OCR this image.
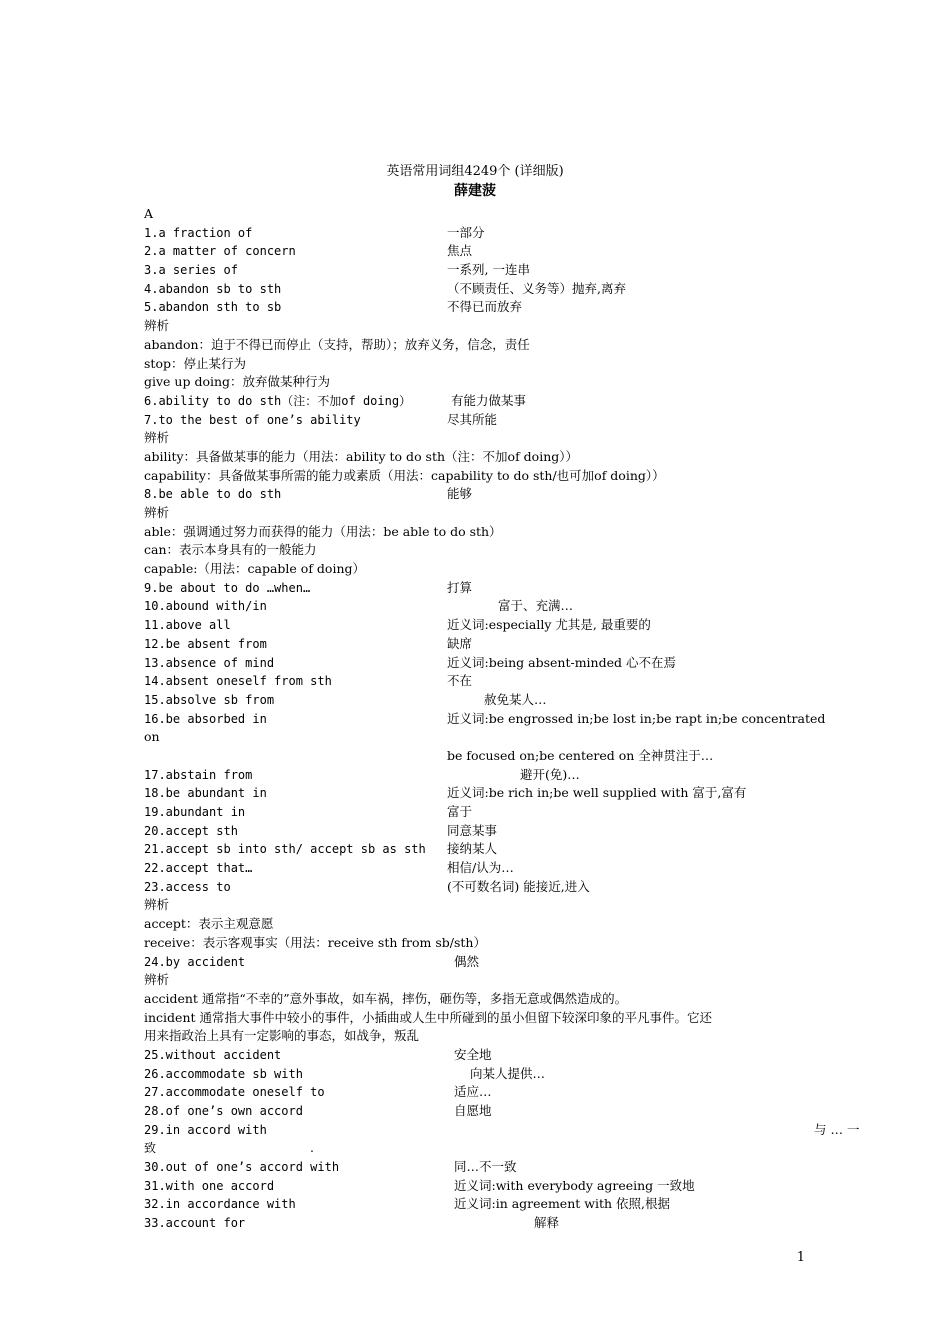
英语常用词组4249个 (详细版)
薛建菠
A
1.a fraction of	一部分
2.a matter of concern	焦点
3.a series of	一系列, 一连串
4.abandon sb to sth	（不顾责任、义务等）抛弃,离弃
5.abandon sth to sb	不得已而放弃
辨析
abandon：迫于不得已而停止（支持，帮助）；放弃义务，信念，责任
stop：停止某行为
give up doing：放弃做某种行为
6.ability to do sth（注：不加of doing）	有能力做某事
7.to the best of one’s ability	尽其所能
辨析
ability：具备做某事的能力（用法：ability to do sth（注：不加of doing））
capability：具备做某事所需的能力或素质（用法：capability to do sth/也可加of doing））
8.be able to do sth	能够
辨析
able：强调通过努力而获得的能力（用法：be able to do sth）
can：表示本身具有的一般能力
capable:（用法：capable of doing）
9.be about to do …when…	打算
10.abound with/in	富于、充满…
11.above all	近义词:especially 尤其是, 最重要的
12.be absent from	缺席
13.absence of mind	近义词:being absent-minded 心不在焉
14.absent oneself from sth	不在
15.absolve sb from	赦免某人…
16.be absorbed in	近义词:be engrossed in;be lost in;be rapt in;be concentrated
on
be focused on;be centered on 全神贯注于…
17.abstain from	避开(免)…
18.be abundant in	近义词:be rich in;be well supplied with 富于,富有
19.abundant in	富于
20.accept sth	同意某事
21.accept sb into sth/ accept sb as sth 接纳某人
22.accept that…	相信/认为…
23.access to	(不可数名词) 能接近,进入
辨析
accept：表示主观意愿
receive：表示客观事实（用法：receive sth from sb/sth）
24.by accident	偶然
辨析
accident 通常指“不幸的”意外事故，如车祸，摔伤，砸伤等，多指无意或偶然造成的。
incident 通常指大事件中较小的事件，小插曲或人生中所碰到的虽小但留下较深印象的平凡事件。它还
用来指政治上具有一定影响的事态，如战争，叛乱
25.without accident	安全地
26.accommodate sb with	向某人提供…
27.accommodate oneself to	适应…
28.of one’s own accord	自愿地
29.in accord with	与 … 一
致	.
30.out of one’s accord with	同…不一致
31.with one accord	近义词:with everybody agreeing 一致地
32.in accordance with	近义词:in agreement with 依照,根据
33.account for	解释
1
